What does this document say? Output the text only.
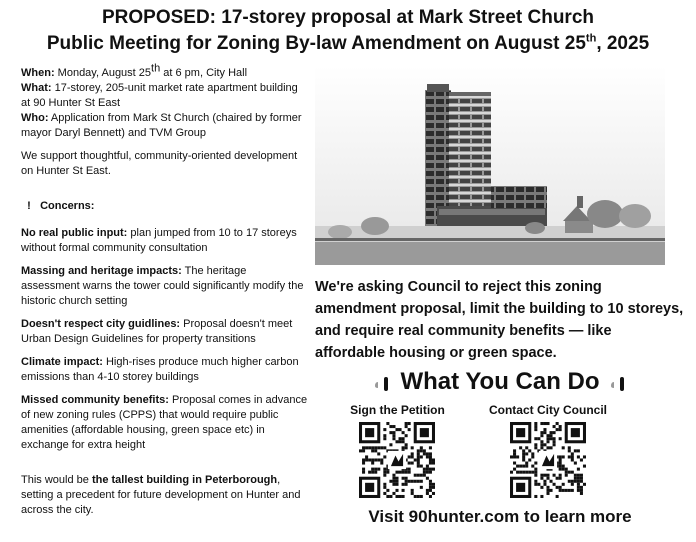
PROPOSED: 17-storey proposal at Mark Street Church
Public Meeting for Zoning By-law Amendment on August 25th, 2025

When: Monday, August 25th at 6 pm, City Hall

What: 17-storey, 205-unit market rate apartment building at 90 Hunter St East

Who: Application from Mark St Church (chaired by former mayor Daryl Bennett) and TVM Group

We support thoughtful, community-oriented development on Hunter St East.

! Concerns:

No real public input: plan jumped from 10 to 17 storeys without formal community consultation

Massing and heritage impacts: The heritage assessment warns the tower could significantly modify the historic church setting

Doesn't respect city guidlines: Proposal doesn't meet Urban Design Guidelines for property transitions

Climate impact: High-rises produce much higher carbon emissions than 4-10 storey buildings

Missed community benefits: Proposal comes in advance of new zoning rules (CPPS) that would require public amenities (affordable housing, green space etc) in exchange for extra height

This would be the tallest building in Peterborough, setting a precedent for future development on Hunter and across the city.

We're asking Council to reject this zoning amendment proposal, limit the building to 10 storeys, and require real community benefits — like affordable housing or green space.
What You Can Do
Sign the Petition	Contact City Council
Visit 90hunter.com to learn more
